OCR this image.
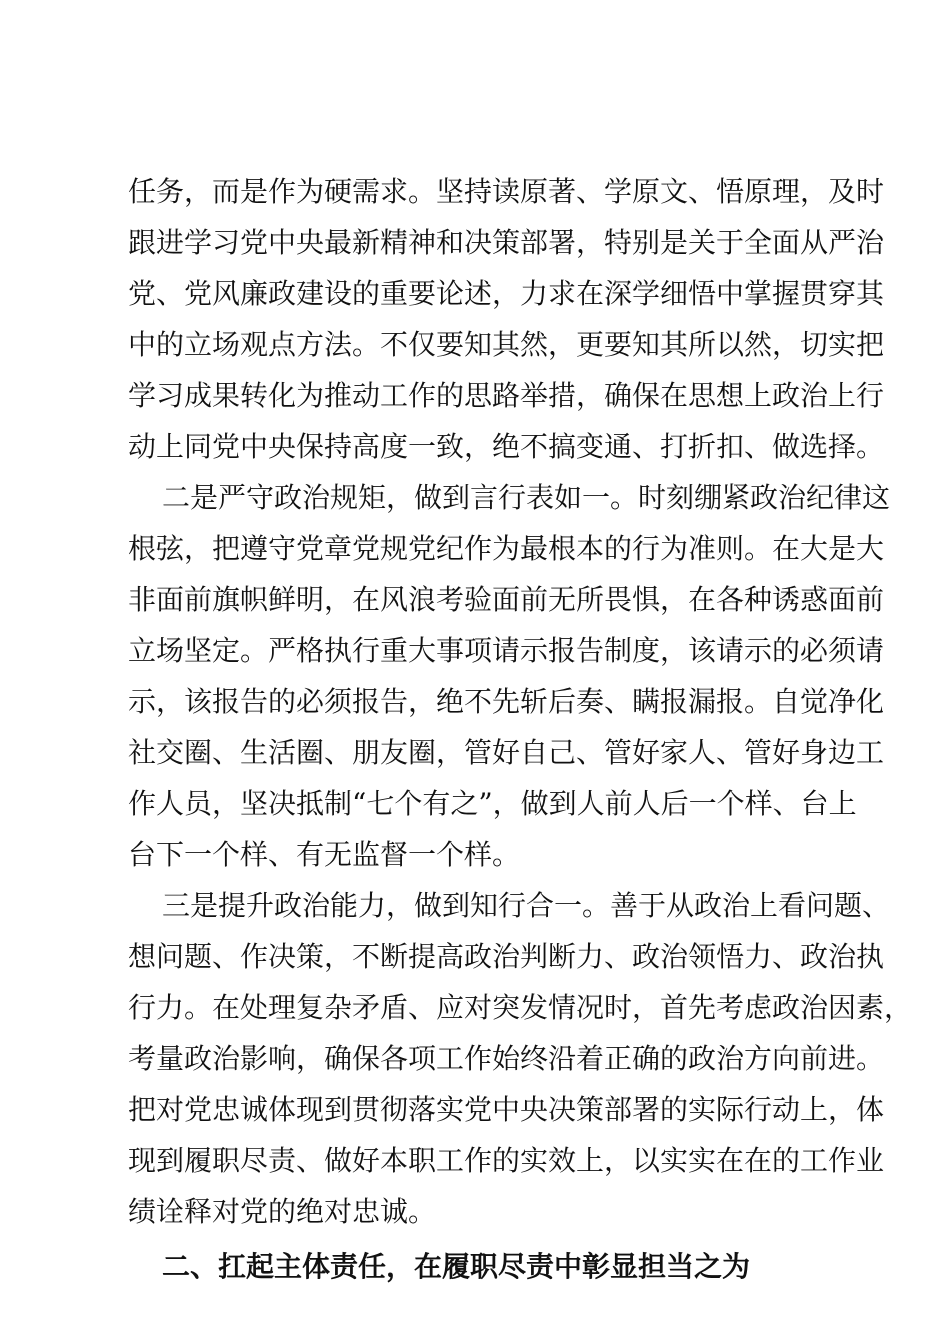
任务，而是作为硬需求。坚持读原著、学原文、悟原理，及时
跟进学习党中央最新精神和决策部署，特别是关于全面从严治
党、党风廉政建设的重要论述，力求在深学细悟中掌握贯穿其
中的立场观点方法。不仅要知其然，更要知其所以然，切实把
学习成果转化为推动工作的思路举措，确保在思想上政治上行
动上同党中央保持高度一致，绝不搞变通、打折扣、做选择。
二是严守政治规矩，做到言行表如一。时刻绷紧政治纪律这
根弦，把遵守党章党规党纪作为最根本的行为准则。在大是大
非面前旗帜鲜明，在风浪考验面前无所畏惧，在各种诱惑面前
立场坚定。严格执行重大事项请示报告制度，该请示的必须请
示，该报告的必须报告，绝不先斩后奏、瞒报漏报。自觉净化
社交圈、生活圈、朋友圈，管好自己、管好家人、管好身边工
作人员，坚决抵制“七个有之”，做到人前人后一个样、台上
台下一个样、有无监督一个样。
三是提升政治能力，做到知行合一。善于从政治上看问题、
想问题、作决策，不断提高政治判断力、政治领悟力、政治执
行力。在处理复杂矛盾、应对突发情况时，首先考虑政治因素，
考量政治影响，确保各项工作始终沿着正确的政治方向前进。
把对党忠诚体现到贯彻落实党中央决策部署的实际行动上，体
现到履职尽责、做好本职工作的实效上，以实实在在的工作业
绩诠释对党的绝对忠诚。
二、扛起主体责任，在履职尽责中彰显担当之为
